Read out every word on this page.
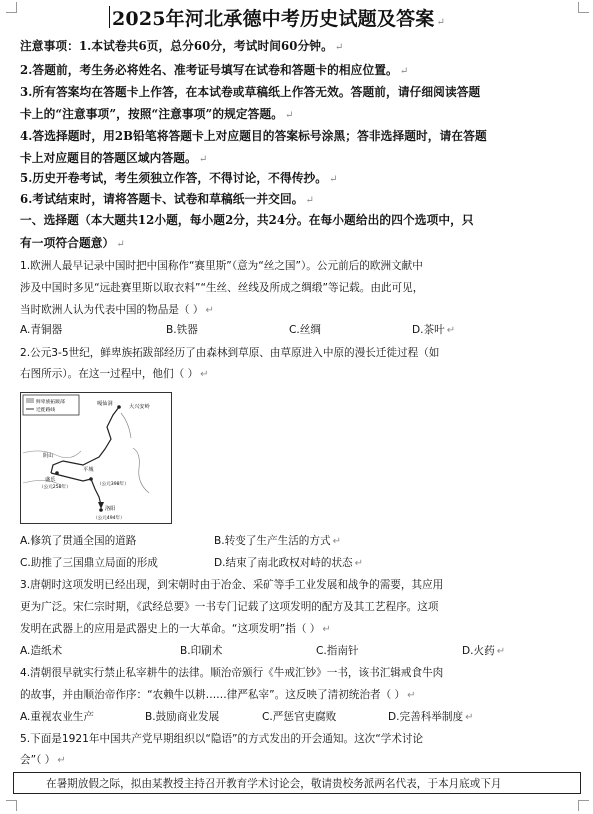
2025年河北承德中考历史试题及答案 ↵
注意事项：1.本试卷共6页，总分60分，考试时间60分钟。 ↵
2.答题前，考生务必将姓名、准考证号填写在试卷和答题卡的相应位置。 ↵
3.所有答案均在答题卡上作答，在本试卷或草稿纸上作答无效。答题前，请仔细阅读答题
卡上的“注意事项”，按照“注意事项”的规定答题。 ↵
4.答选择题时，用2B铅笔将答题卡上对应题目的答案标号涂黑；答非选择题时，请在答题
卡上对应题目的答题区域内答题。 ↵
5.历史开卷考试，考生须独立作答，不得讨论，不得传抄。 ↵
6.考试结束时，请将答题卡、试卷和草稿纸一并交回。 ↵
一、选择题（本大题共12小题，每小题2分，共24分。在每小题给出的四个选项中，只
有一项符合题意） ↵
1.欧洲人最早记录中国时把中国称作“赛里斯”（意为“丝之国”）。公元前后的欧洲文献中
涉及中国时多见“远赴赛里斯以取衣料”“生丝、丝线及所成之绸缎”等记载。由此可见，
当时欧洲人认为代表中国的物品是（ ） ↵
A.青铜器	B.铁器	C.丝绸	D.茶叶 ↵
2.公元3-5世纪，鲜卑族拓跋部经历了由森林到草原、由草原进入中原的漫长迁徙过程（如
右图所示）。在这一过程中，他们（ ） ↵
鲜卑族拓跋部
迁徙路线
嘎仙洞	大兴安岭
阴山
盛乐
（公元258年）
平城
（公元398年）
洛阳
（公元494年）
A.修筑了贯通全国的道路	B.转变了生产生活的方式 ↵
C.助推了三国鼎立局面的形成	D.结束了南北政权对峙的状态 ↵
3.唐朝时这项发明已经出现，到宋朝时由于冶金、采矿等手工业发展和战争的需要，其应用
更为广泛。宋仁宗时期，《武经总要》一书专门记载了这项发明的配方及其工艺程序。这项
发明在武器上的应用是武器史上的一大革命。“这项发明”指（ ） ↵
A.造纸术	B.印刷术	C.指南针	D.火药 ↵
4.清朝很早就实行禁止私宰耕牛的法律。顺治帝颁行《牛戒汇钞》一书，该书汇辑戒食牛肉
的故事，并由顺治帝作序：“农赖牛以耕……律严私宰”。这反映了清初统治者（ ） ↵
A.重视农业生产	B.鼓励商业发展	C.严惩官吏腐败	D.完善科举制度 ↵
5.下面是1921年中国共产党早期组织以“隐语”的方式发出的开会通知。这次“学术讨论
会”（ ） ↵
在暑期放假之际，拟由某教授主持召开教育学术讨论会，敬请贵校务派两名代表，于本月底或下月
